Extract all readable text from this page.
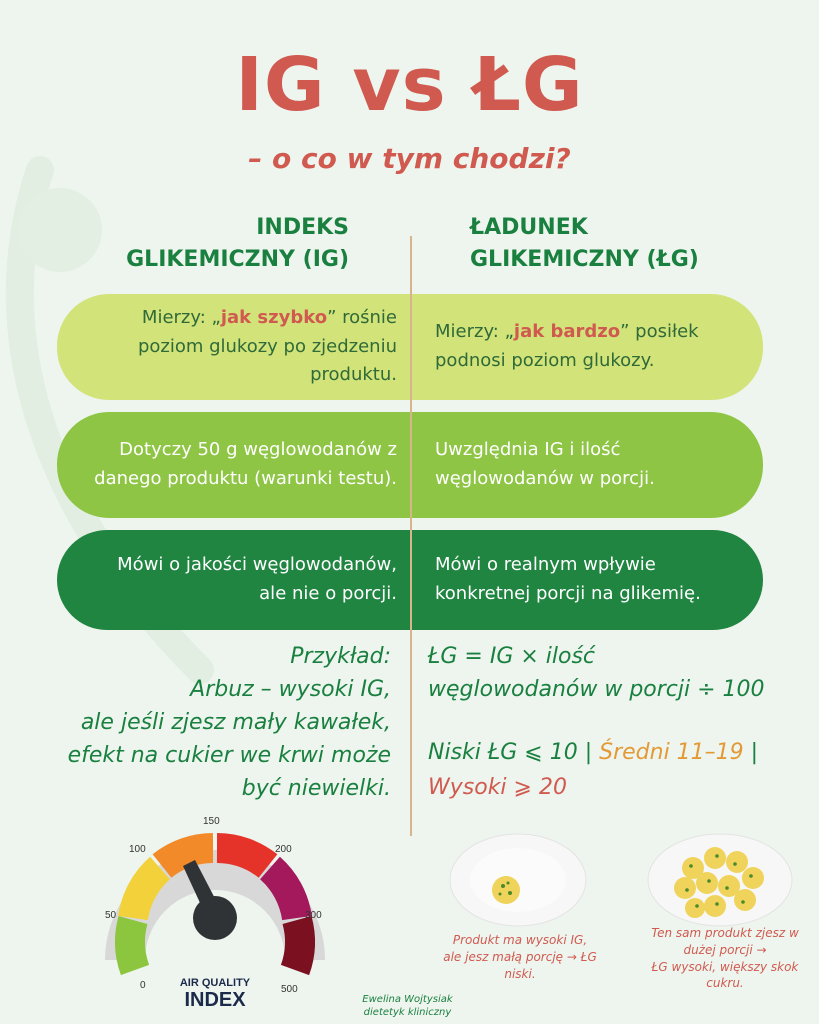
IG vs ŁG
– o co w tym chodzi?
INDEKS
GLIKEMICZNY (IG)
ŁADUNEK
GLIKEMICZNY (ŁG)
Mierzy: „jak szybko” rośnie
poziom glukozy po zjedzeniu
produktu.
Mierzy: „jak bardzo” posiłek
podnosi poziom glukozy.
Dotyczy 50 g węglowodanów z
danego produktu (warunki testu).
Uwzględnia IG i ilość
węglowodanów w porcji.
Mówi o jakości węglowodanów,
ale nie o porcji.
Mówi o realnym wpływie
konkretnej porcji na glikemię.
Przykład:
Arbuz – wysoki IG,
ale jeśli zjesz mały kawałek,
efekt na cukier we krwi może
być niewielki.
ŁG = IG × ilość
węglowodanów w porcji ÷ 100
Niski ŁG ⩽ 10 | Średni 11–19 |
Wysoki ⩾ 20
0
50
100
150
200
300
500
AIR QUALITY
INDEX
Produkt ma wysoki IG,
ale jesz małą porcję → ŁG
niski.
Ten sam produkt zjesz w
dużej porcji →
ŁG wysoki, większy skok
cukru.
Ewelina Wojtysiak
dietetyk kliniczny
